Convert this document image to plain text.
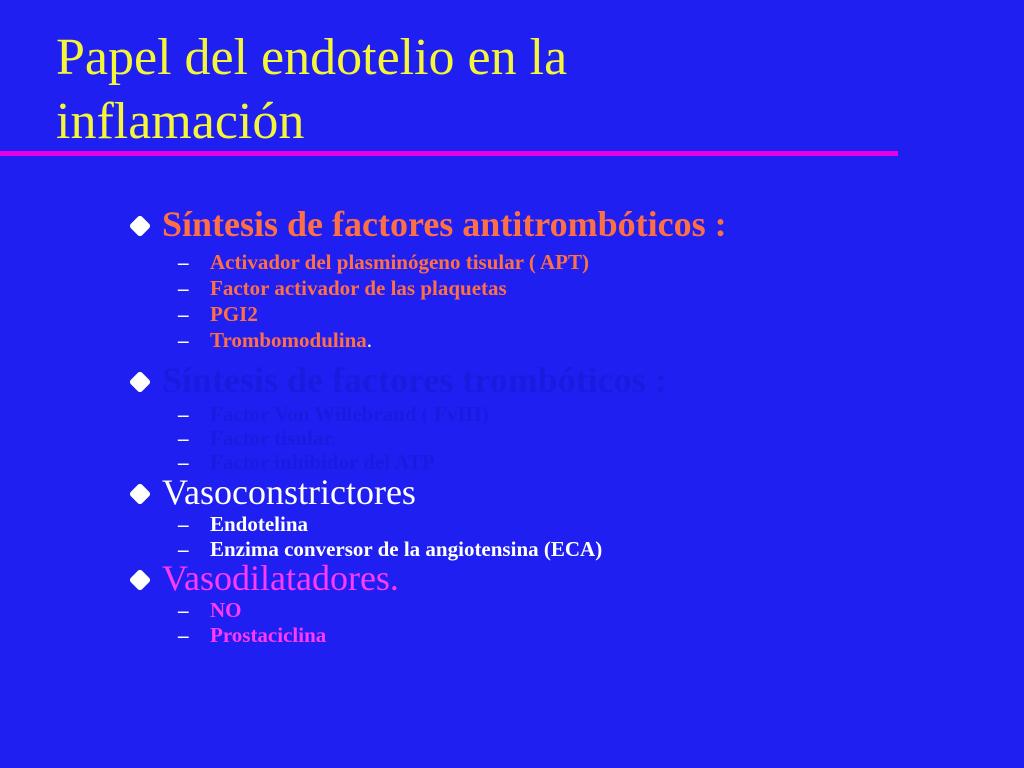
Papel del endotelio en la
inflamación
Síntesis de factores antitrombóticos :
– Activador del plasminógeno tisular ( APT)
– Factor activador de las plaquetas
– PGI2
– Trombomodulina.
Síntesis de factores trombóticos :
– Factor Von Willebrand ( FvIII)
– Factor tisular.
– Factor inhibidor del ATP
Vasoconstrictores
– Endotelina
– Enzima conversor de la angiotensina (ECA)
Vasodilatadores.
– NO
– Prostaciclina
